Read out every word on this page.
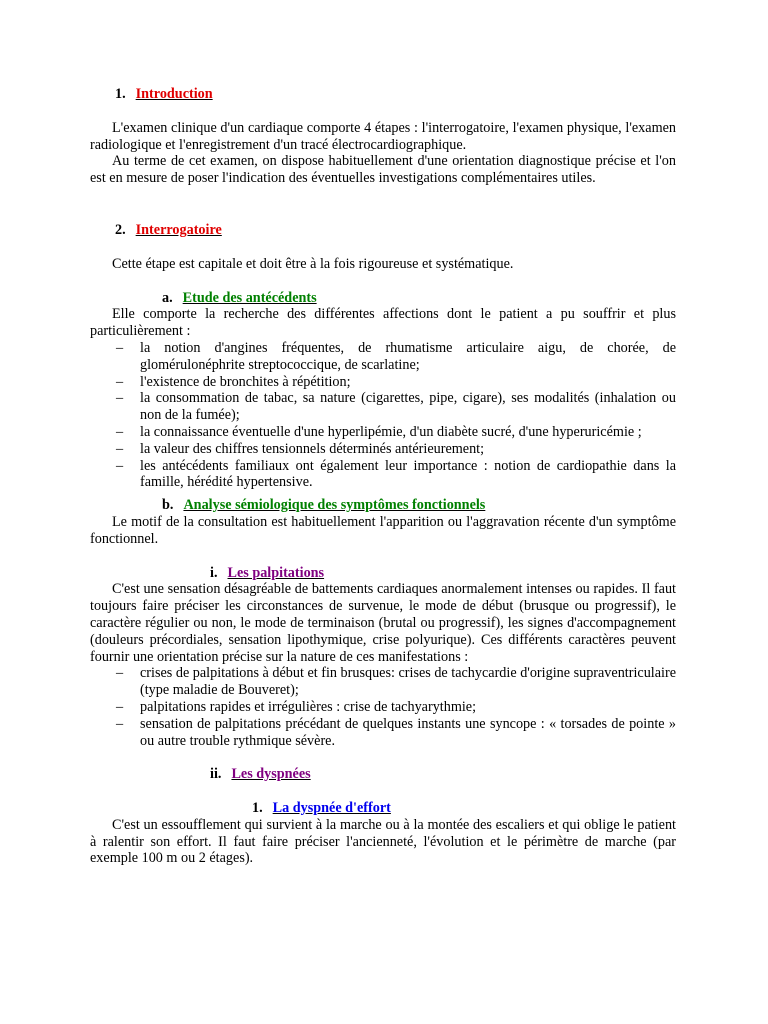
1. Introduction

L'examen clinique d'un cardiaque comporte 4 étapes : l'interrogatoire, l'examen physique, l'examen radiologique et l'enregistrement d'un tracé électrocardiographique.

Au terme de cet examen, on dispose habituellement d'une orientation diagnostique précise et l'on est en mesure de poser l'indication des éventuelles investigations complémentaires utiles.

2. Interrogatoire

Cette étape est capitale et doit être à la fois rigoureuse et systématique.

a. Etude des antécédents

Elle comporte la recherche des différentes affections dont le patient a pu souffrir et plus particulièrement :

– la notion d'angines fréquentes, de rhumatisme articulaire aigu, de chorée, de glomérulonéphrite streptococcique, de scarlatine;
– l'existence de bronchites à répétition;
– la consommation de tabac, sa nature (cigarettes, pipe, cigare), ses modalités (inhalation ou non de la fumée);
– la connaissance éventuelle d'une hyperlipémie, d'un diabète sucré, d'une hyperuricémie ;
– la valeur des chiffres tensionnels déterminés antérieurement;
– les antécédents familiaux ont également leur importance : notion de cardiopathie dans la famille, hérédité hypertensive.
b. Analyse sémiologique des symptômes fonctionnels

Le motif de la consultation est habituellement l'apparition ou l'aggravation récente d'un symptôme fonctionnel.

i. Les palpitations

C'est une sensation désagréable de battements cardiaques anormalement intenses ou rapides. Il faut toujours faire préciser les circonstances de survenue, le mode de début (brusque ou progressif), le caractère régulier ou non, le mode de terminaison (brutal ou progressif), les signes d'accompagnement (douleurs précordiales, sensation lipothymique, crise polyurique). Ces différents caractères peuvent fournir une orientation précise sur la nature de ces manifestations :

– crises de palpitations à début et fin brusques: crises de tachycardie d'origine supraventriculaire (type maladie de Bouveret);
– palpitations rapides et irrégulières : crise de tachyarythmie;
– sensation de palpitations précédant de quelques instants une syncope : « torsades de pointe » ou autre trouble rythmique sévère.
ii. Les dyspnées
1. La dyspnée d'effort

C'est un essoufflement qui survient à la marche ou à la montée des escaliers et qui oblige le patient à ralentir son effort. Il faut faire préciser l'ancienneté, l'évolution et le périmètre de marche (par exemple 100 m ou 2 étages).
